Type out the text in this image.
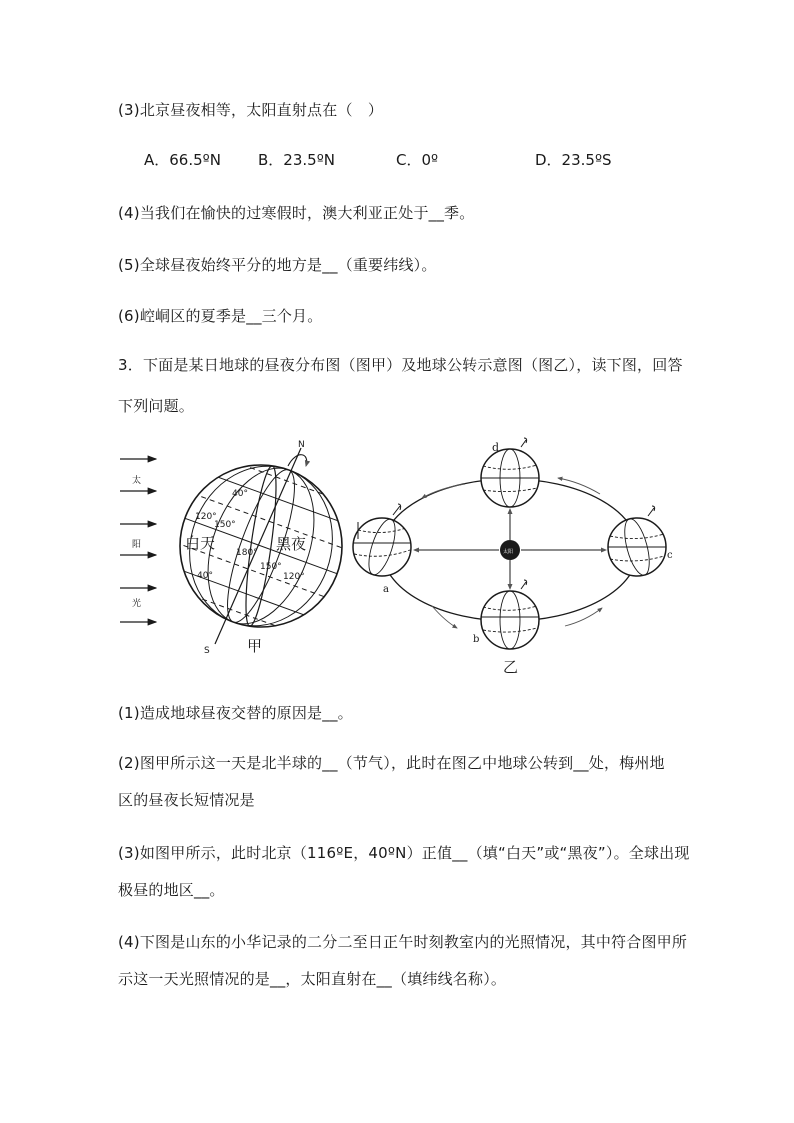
(3)北京昼夜相等，太阳直射点在（　）
A．66.5ºN B．23.5ºN	C．0º	D．23.5ºS
(4)当我们在愉快的过寒假时，澳大利亚正处于__季。
(5)全球昼夜始终平分的地方是__（重要纬线）。
(6)崆峒区的夏季是__三个月。
3．下面是某日地球的昼夜分布图（图甲）及地球公转示意图（图乙），读下图，回答
下列问题。
太
阳
光
N
S
40°
120°
150°
180°
150°
120°
40°
白天	黑夜
甲
太阳
a
b
乙
c
d
(1)造成地球昼夜交替的原因是__。
(2)图甲所示这一天是北半球的__（节气），此时在图乙中地球公转到__处，梅州地
区的昼夜长短情况是
(3)如图甲所示，此时北京（116ºE，40ºN）正值__（填“白天”或“黑夜”）。全球出现
极昼的地区__。
(4)下图是山东的小华记录的二分二至日正午时刻教室内的光照情况，其中符合图甲所
示这一天光照情况的是__，太阳直射在__（填纬线名称）。
